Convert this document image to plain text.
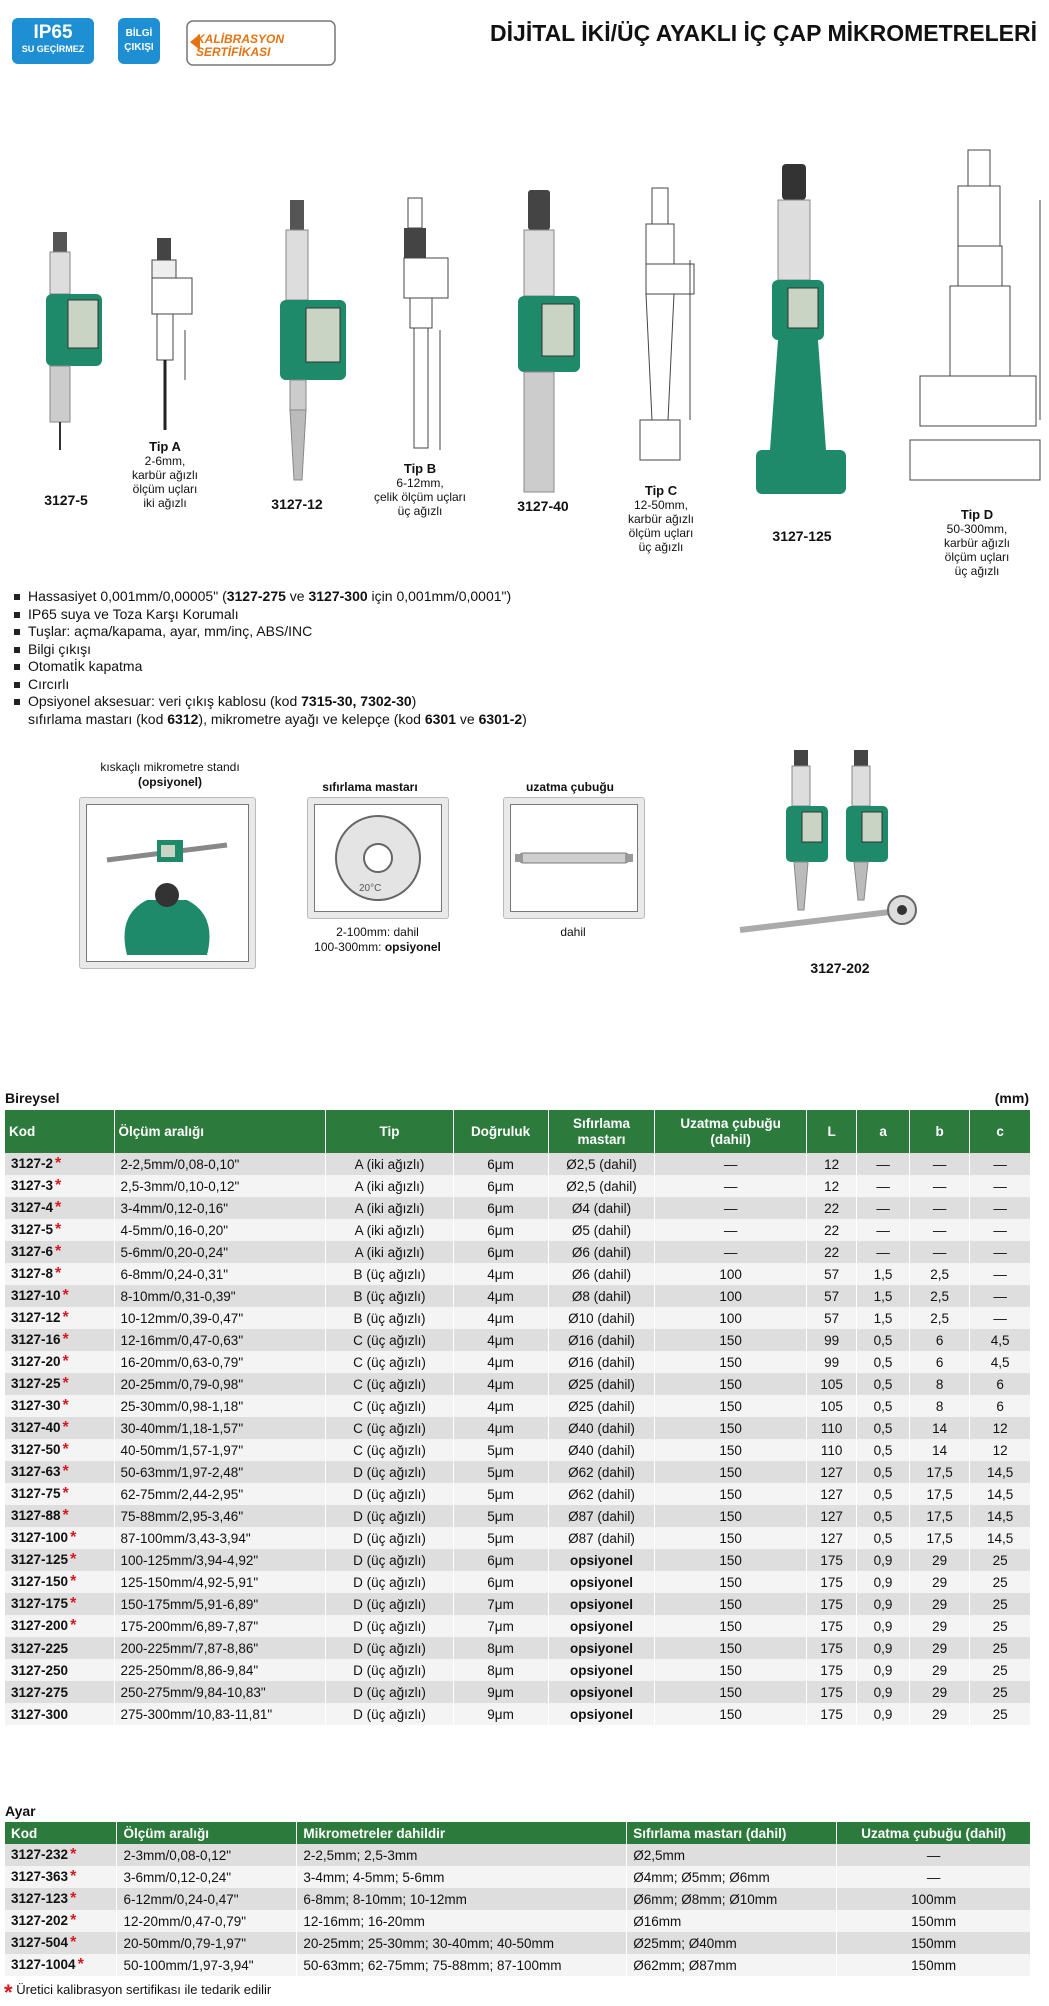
IP65
SU GEÇİRMEZ
BİLGİ
ÇIKIŞI
KALİBRASYON
SERTİFİKASI
DİJİTAL İKİ/ÜÇ AYAKLI İÇ ÇAP MİKROMETRELERİ
3127-5	3127-12	3127-40
3127-125
Tip A
2-6mm,
karbür ağızlı
ölçüm uçları
iki ağızlı
Tip B
6-12mm,
çelik ölçüm uçları
üç ağızlı
Tip C
12-50mm,
karbür ağızlı
ölçüm uçları
üç ağızlı
Tip D
50-300mm,
karbür ağızlı
ölçüm uçları
üç ağızlı
Hassasiyet 0,001mm/0,00005" (3127-275 ve 3127-300 için 0,001mm/0,0001")
IP65 suya ve Toza Karşı Korumalı
Tuşlar: açma/kapama, ayar, mm/inç, ABS/INC
Bilgi çıkışı
Otomatİk kapatma
Cırcırlı
Opsiyonel aksesuar: veri çıkış kablosu (kod 7315-30, 7302-30)
sıfırlama mastarı (kod 6312), mikrometre ayağı ve kelepçe (kod 6301 ve 6301-2)
kıskaçlı mikrometre standı
(opsiyonel)	sıfırlama mastarı
20°C
2-100mm: dahil
100-300mm: opsiyonel
uzatma çubuğu
dahil
3127-202
Bireysel	(mm)
Kod	Ölçüm aralığı	Tip	Doğruluk	Sıfırlama mastarı	Uzatma çubuğu (dahil)	L	a	b	c
3127-2 *	2-2,5mm/0,08-0,10"	A (iki ağızlı)	6μm	Ø2,5 (dahil)	—	12	—	—	—
3127-3 *	2,5-3mm/0,10-0,12"	A (iki ağızlı)	6μm	Ø2,5 (dahil)	—	12	—	—	—
3127-4 *	3-4mm/0,12-0,16"	A (iki ağızlı)	6μm	Ø4 (dahil)	—	22	—	—	—
3127-5 *	4-5mm/0,16-0,20"	A (iki ağızlı)	6μm	Ø5 (dahil)	—	22	—	—	—
3127-6 *	5-6mm/0,20-0,24"	A (iki ağızlı)	6μm	Ø6 (dahil)	—	22	—	—	—
3127-8 *	6-8mm/0,24-0,31"	B (üç ağızlı)	4μm	Ø6 (dahil)	100	57	1,5	2,5	—
3127-10 *	8-10mm/0,31-0,39"	B (üç ağızlı)	4μm	Ø8 (dahil)	100	57	1,5	2,5	—
3127-12 *	10-12mm/0,39-0,47"	B (üç ağızlı)	4μm	Ø10 (dahil)	100	57	1,5	2,5	—
3127-16 *	12-16mm/0,47-0,63"	C (üç ağızlı)	4μm	Ø16 (dahil)	150	99	0,5	6	4,5
3127-20 *	16-20mm/0,63-0,79"	C (üç ağızlı)	4μm	Ø16 (dahil)	150	99	0,5	6	4,5
3127-25 *	20-25mm/0,79-0,98"	C (üç ağızlı)	4μm	Ø25 (dahil)	150	105	0,5	8	6
3127-30 *	25-30mm/0,98-1,18"	C (üç ağızlı)	4μm	Ø25 (dahil)	150	105	0,5	8	6
3127-40 *	30-40mm/1,18-1,57"	C (üç ağızlı)	4μm	Ø40 (dahil)	150	110	0,5	14	12
3127-50 *	40-50mm/1,57-1,97"	C (üç ağızlı)	5μm	Ø40 (dahil)	150	110	0,5	14	12
3127-63 *	50-63mm/1,97-2,48"	D (üç ağızlı)	5μm	Ø62 (dahil)	150	127	0,5	17,5	14,5
3127-75 *	62-75mm/2,44-2,95"	D (üç ağızlı)	5μm	Ø62 (dahil)	150	127	0,5	17,5	14,5
3127-88 *	75-88mm/2,95-3,46"	D (üç ağızlı)	5μm	Ø87 (dahil)	150	127	0,5	17,5	14,5
3127-100 *	87-100mm/3,43-3,94"	D (üç ağızlı)	5μm	Ø87 (dahil)	150	127	0,5	17,5	14,5
3127-125 *	100-125mm/3,94-4,92"	D (üç ağızlı)	6μm	opsiyonel	150	175	0,9	29	25
3127-150 *	125-150mm/4,92-5,91"	D (üç ağızlı)	6μm	opsiyonel	150	175	0,9	29	25
3127-175 *	150-175mm/5,91-6,89"	D (üç ağızlı)	7μm	opsiyonel	150	175	0,9	29	25
3127-200 *	175-200mm/6,89-7,87"	D (üç ağızlı)	7μm	opsiyonel	150	175	0,9	29	25
3127-225	200-225mm/7,87-8,86"	D (üç ağızlı)	8μm	opsiyonel	150	175	0,9	29	25
3127-250	225-250mm/8,86-9,84"	D (üç ağızlı)	8μm	opsiyonel	150	175	0,9	29	25
3127-275	250-275mm/9,84-10,83"	D (üç ağızlı)	9μm	opsiyonel	150	175	0,9	29	25
3127-300	275-300mm/10,83-11,81"	D (üç ağızlı)	9μm	opsiyonel	150	175	0,9	29	25
Ayar
Kod	Ölçüm aralığı	Mikrometreler dahildir	Sıfırlama mastarı (dahil)	Uzatma çubuğu (dahil)
3127-232 *	2-3mm/0,08-0,12"	2-2,5mm; 2,5-3mm	Ø2,5mm	—
3127-363 *	3-6mm/0,12-0,24"	3-4mm; 4-5mm; 5-6mm	Ø4mm; Ø5mm; Ø6mm	—
3127-123 *	6-12mm/0,24-0,47"	6-8mm; 8-10mm; 10-12mm	Ø6mm; Ø8mm; Ø10mm	100mm
3127-202 *	12-20mm/0,47-0,79"	12-16mm; 16-20mm	Ø16mm	150mm
3127-504 *	20-50mm/0,79-1,97"	20-25mm; 25-30mm; 30-40mm; 40-50mm	Ø25mm; Ø40mm	150mm
3127-1004 *	50-100mm/1,97-3,94"	50-63mm; 62-75mm; 75-88mm; 87-100mm	Ø62mm; Ø87mm	150mm
* Üretici kalibrasyon sertifikası ile tedarik edilir
